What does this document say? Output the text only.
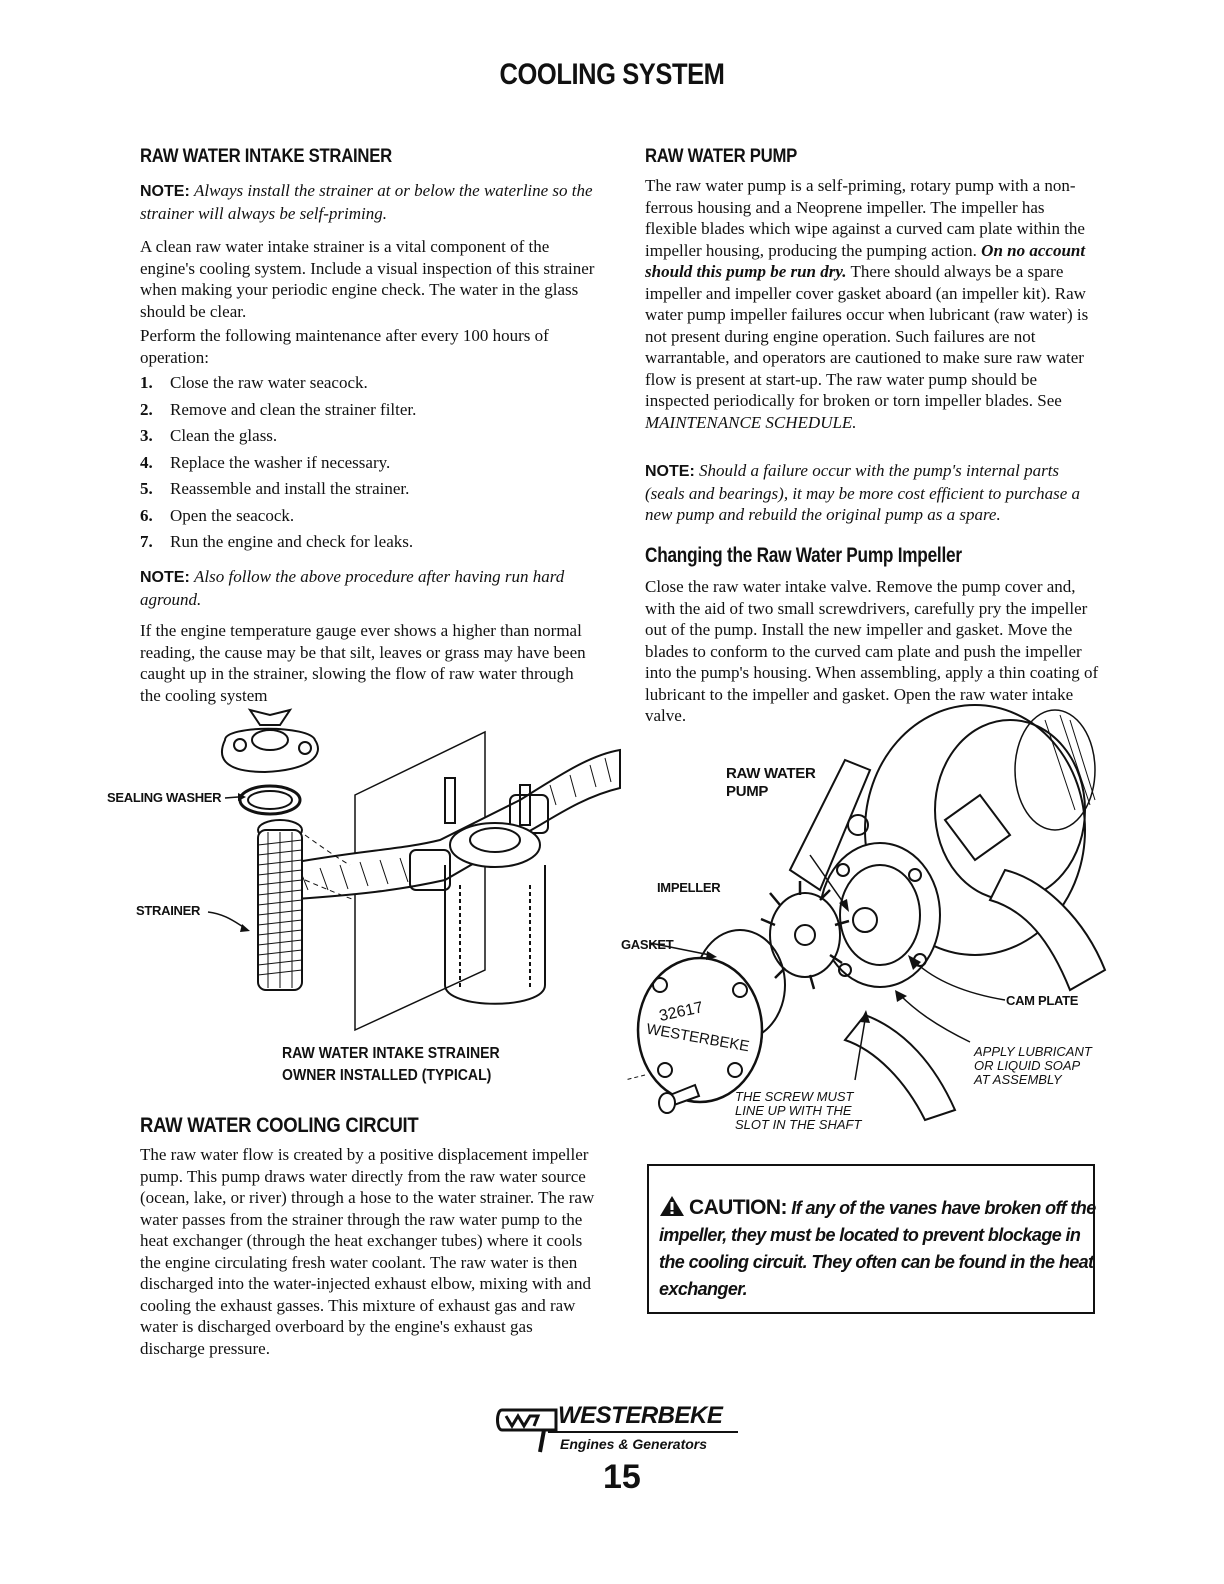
COOLING SYSTEM
RAW WATER INTAKE STRAINER

NOTE: Always install the strainer at or below the waterline so the strainer will always be self-priming.

A clean raw water intake strainer is a vital component of the engine's cooling system. Include a visual inspection of this strainer when making your periodic engine check. The water in the glass should be clear.
Perform the following maintenance after every 100 hours of operation:
1. Close the raw water seacock.
2. Remove and clean the strainer filter.
3. Clean the glass.
4. Replace the washer if necessary.
5. Reassemble and install the strainer.
6. Open the seacock.
7. Run the engine and check for leaks.

NOTE: Also follow the above procedure after having run hard aground.

If the engine temperature gauge ever shows a higher than normal reading, the cause may be that silt, leaves or grass may have been caught up in the strainer, slowing the flow of raw water through the cooling system
SEALING WASHER
STRAINER
RAW WATER INTAKE STRAINER
OWNER INSTALLED (TYPICAL)
RAW WATER COOLING CIRCUIT
The raw water flow is created by a positive displacement impeller pump. This pump draws water directly from the raw water source (ocean, lake, or river) through a hose to the water strainer. The raw water passes from the strainer through the raw water pump to the heat exchanger (through the heat exchanger tubes) where it cools the engine circulating fresh water coolant. The raw water is then discharged into the water-injected exhaust elbow, mixing with and cooling the exhaust gasses. This mixture of exhaust gas and raw water is discharged overboard by the engine's exhaust gas discharge pressure.
RAW WATER PUMP
The raw water pump is a self-priming, rotary pump with a non-ferrous housing and a Neoprene impeller. The impeller has flexible blades which wipe against a curved cam plate within the impeller housing, producing the pumping action. On no account should this pump be run dry. There should always be a spare impeller and impeller cover gasket aboard (an impeller kit). Raw water pump impeller failures occur when lubricant (raw water) is not present during engine operation. Such failures are not warrantable, and operators are cautioned to make sure raw water flow is present at start-up. The raw water pump should be inspected periodically for broken or torn impeller blades. See MAINTENANCE SCHEDULE.
NOTE: Should a failure occur with the pump's internal parts (seals and bearings), it may be more cost efficient to purchase a new pump and rebuild the original pump as a spare.
Changing the Raw Water Pump Impeller
Close the raw water intake valve. Remove the pump cover and, with the aid of two small screwdrivers, carefully pry the impeller out of the pump. Install the new impeller and gasket. Move the blades to conform to the curved cam plate and push the impeller into the pump's housing. When assembling, apply a thin coating of lubricant to the impeller and gasket. Open the raw water intake valve.
32617
WESTERBEKE
RAW WATER
PUMP
IMPELLER
GASKET
CAM PLATE
APPLY LUBRICANT
OR LIQUID SOAP
AT ASSEMBLY
THE SCREW MUST
LINE UP WITH THE
SLOT IN THE SHAFT
CAUTION: If any of the vanes have broken off the impeller, they must be located to prevent blockage in the cooling circuit. They often can be found in the heat exchanger.
WESTERBEKE
Engines & Generators
15
